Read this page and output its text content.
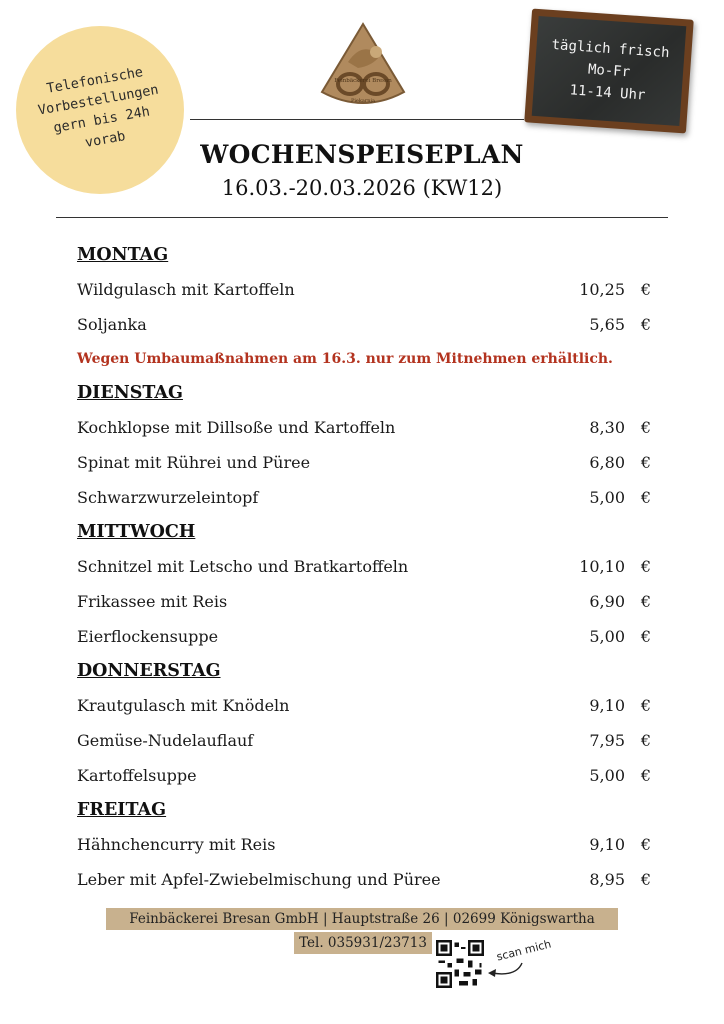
Telefonische
Vorbestellungen
gern bis 24h
vorab
Feinbäckerei Bresan
Piekarnja
täglich frisch
Mo-Fr
11-14 Uhr
WOCHENSPEISEPLAN
16.03.-20.03.2026 (KW12)
MONTAG
Wildgulasch mit Kartoffeln	10,25 €
Soljanka	5,65 €
Wegen Umbaumaßnahmen am 16.3. nur zum Mitnehmen erhältlich.
DIENSTAG
Kochklopse mit Dillsoße und Kartoffeln	8,30 €
Spinat mit Rührei und Püree	6,80 €
Schwarzwurzeleintopf	5,00 €
MITTWOCH
Schnitzel mit Letscho und Bratkartoffeln	10,10 €
Frikassee mit Reis	6,90 €
Eierflockensuppe	5,00 €
DONNERSTAG
Krautgulasch mit Knödeln	9,10 €
Gemüse-Nudelauflauf	7,95 €
Kartoffelsuppe	5,00 €
FREITAG
Hähnchencurry mit Reis	9,10 €
Leber mit Apfel-Zwiebelmischung und Püree	8,95 €
Feinbäckerei Bresan GmbH | Hauptstraße 26 | 02699 Königswartha
Tel. 035931/23713	scan mich
